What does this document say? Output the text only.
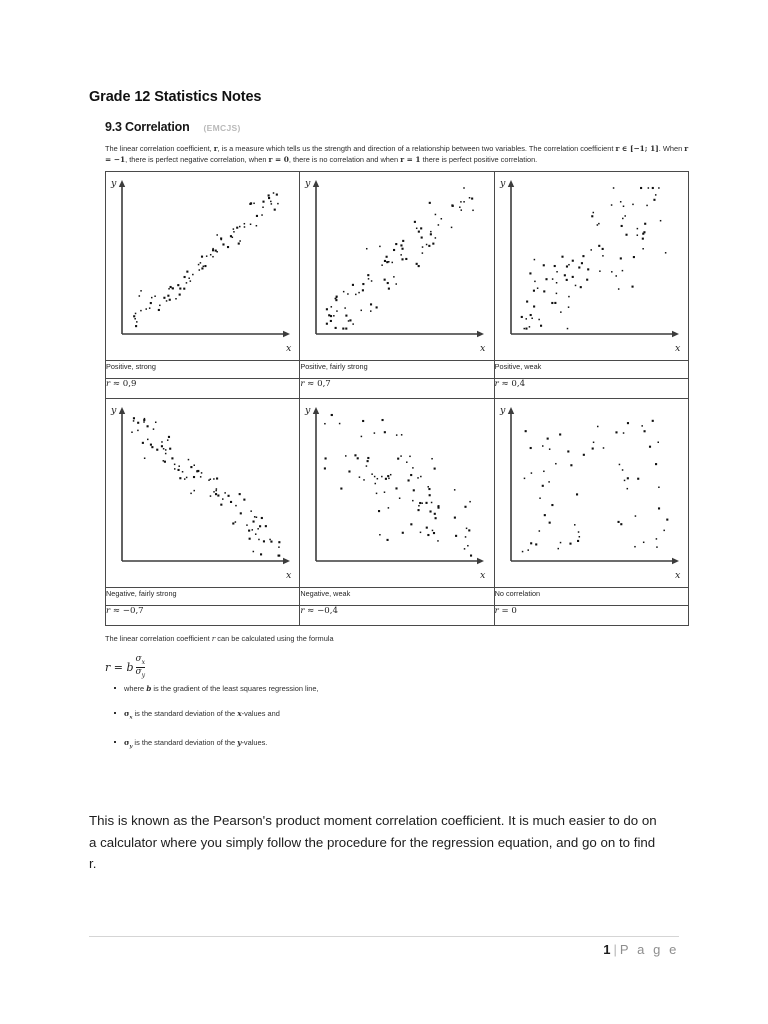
Grade 12 Statistics Notes
9.3 Correlation (EMCJS)
The linear correlation coefficient, r, is a measure which tells us the strength and direction of a relationship between two variables. The correlation coefficient r ∈ [−1; 1]. When r = −1, there is perfect negative correlation, when r = 0, there is no correlation and when r = 1 there is perfect positive correlation.
y
x	y
x	y
x

Positive, strong	Positive, fairly strong	Positive, weak
r ≈ 0,9	r ≈ 0,7	r ≈ 0,4

y
x	y
x	y
x

Negative, fairly strong	Negative, weak	No correlation
r ≈ −0,7	r ≈ −0,4	r = 0
The linear correlation coefficient r can be calculated using the formula
r = b $\frac{\sigma_x}{\sigma_y}$
where b is the gradient of the least squares regression line,
$\sigma_x$ is the standard deviation of the x-values and
$\sigma_y$ is the standard deviation of the y-values.
This is known as the Pearson's product moment correlation coefficient. It is much easier to do on a calculator where you simply follow the procedure for the regression equation, and go on to find r.
1 | P a g e
